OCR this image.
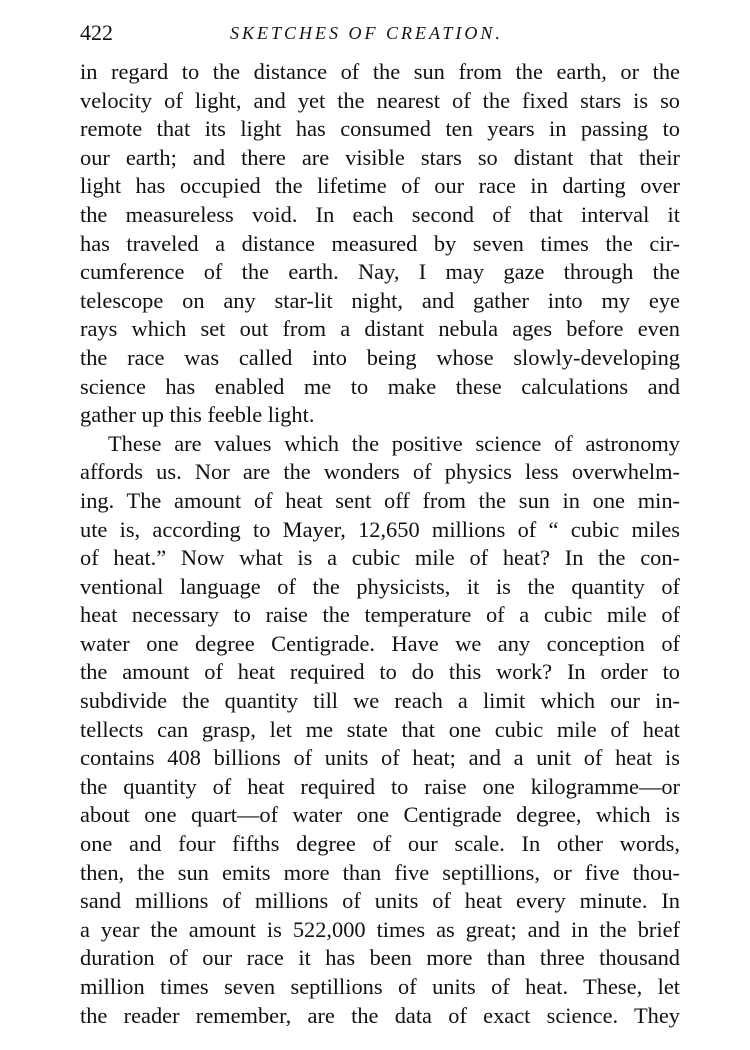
422	SKETCHES OF CREATION.
in regard to the distance of the sun from the earth, or the
velocity of light, and yet the nearest of the fixed stars is so
remote that its light has consumed ten years in passing to
our earth; and there are visible stars so distant that their
light has occupied the lifetime of our race in darting over
the measureless void. In each second of that interval it
has traveled a distance measured by seven times the cir-
cumference of the earth. Nay, I may gaze through the
telescope on any star-lit night, and gather into my eye
rays which set out from a distant nebula ages before even
the race was called into being whose slowly-developing
science has enabled me to make these calculations and
gather up this feeble light.
These are values which the positive science of astronomy
affords us. Nor are the wonders of physics less overwhelm-
ing. The amount of heat sent off from the sun in one min-
ute is, according to Mayer, 12,650 millions of “ cubic miles
of heat.” Now what is a cubic mile of heat? In the con-
ventional language of the physicists, it is the quantity of
heat necessary to raise the temperature of a cubic mile of
water one degree Centigrade. Have we any conception of
the amount of heat required to do this work? In order to
subdivide the quantity till we reach a limit which our in-
tellects can grasp, let me state that one cubic mile of heat
contains 408 billions of units of heat; and a unit of heat is
the quantity of heat required to raise one kilogramme—or
about one quart—of water one Centigrade degree, which is
one and four fifths degree of our scale. In other words,
then, the sun emits more than five septillions, or five thou-
sand millions of millions of units of heat every minute. In
a year the amount is 522,000 times as great; and in the brief
duration of our race it has been more than three thousand
million times seven septillions of units of heat. These, let
the reader remember, are the data of exact science. They
